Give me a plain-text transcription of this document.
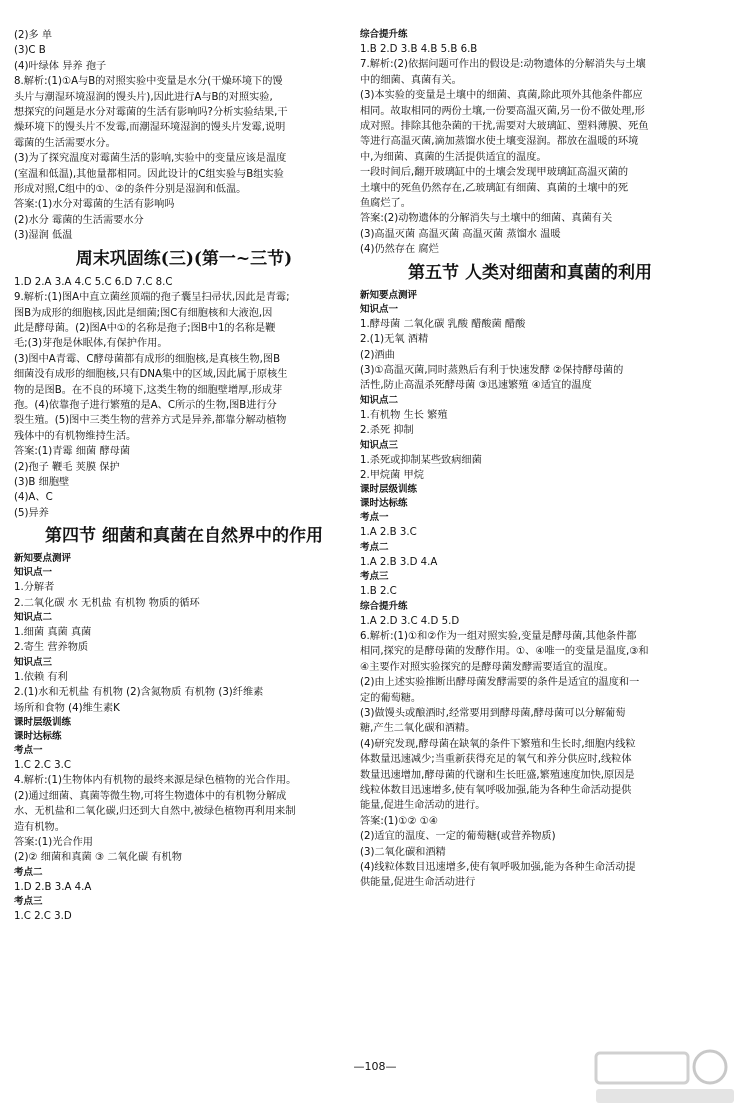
(2)多 单
(3)C B
(4)叶绿体 异养 孢子
8.解析:(1)①A与B的对照实验中变量是水分(干燥环境下的馒
头片与潮湿环境湿润的馒头片),因此进行A与B的对照实验,
想探究的问题是水分对霉菌的生活有影响吗?分析实验结果,干
燥环境下的馒头片不发霉,而潮湿环境湿润的馒头片发霉,说明
霉菌的生活需要水分。
(3)为了探究温度对霉菌生活的影响,实验中的变量应该是温度
(室温和低温),其他量都相同。因此设计的C组实验与B组实验
形成对照,C组中的①、②的条件分别是湿润和低温。
答案:(1)水分对霉菌的生活有影响吗
(2)水分 霉菌的生活需要水分
(3)湿润 低温
周末巩固练(三)(第一~三节)
1.D 2.A 3.A 4.C 5.C 6.D 7.C 8.C
9.解析:(1)图A中直立菌丝顶端的孢子囊呈扫帚状,因此是青霉;
图B为成形的细胞核,因此是细菌;图C有细胞核和大液泡,因
此是酵母菌。(2)图A中①的名称是孢子;图B中1的名称是鞭
毛;(3)芽孢是休眠体,有保护作用。
(3)图中A青霉、C酵母菌都有成形的细胞核,是真核生物,图B
细菌没有成形的细胞核,只有DNA集中的区域,因此属于原核生
物的是图B。在不良的环境下,这类生物的细胞壁增厚,形成芽
孢。(4)依靠孢子进行繁殖的是A、C所示的生物,图B进行分
裂生殖。(5)图中三类生物的营养方式是异养,都靠分解动植物
残体中的有机物维持生活。
答案:(1)青霉 细菌 酵母菌
(2)孢子 鞭毛 荚膜 保护
(3)B 细胞壁
(4)A、C
(5)异养
第四节 细菌和真菌在自然界中的作用
新知要点测评
知识点一
1.分解者
2.二氧化碳 水 无机盐 有机物 物质的循环
知识点二
1.细菌 真菌 真菌
2.寄生 营养物质
知识点三
1.依赖 有利
2.(1)水和无机盐 有机物 (2)含氮物质 有机物 (3)纤维素
场所和食物 (4)维生素K
课时层级训练
课时达标练
考点一
1.C 2.C 3.C
4.解析:(1)生物体内有机物的最终来源是绿色植物的光合作用。
(2)通过细菌、真菌等微生物,可将生物遗体中的有机物分解成
水、无机盐和二氧化碳,归还到大自然中,被绿色植物再利用来制
造有机物。
答案:(1)光合作用
(2)② 细菌和真菌 ③ 二氧化碳 有机物
考点二
1.D 2.B 3.A 4.A
考点三
1.C 2.C 3.D
综合提升练
1.B 2.D 3.B 4.B 5.B 6.B
7.解析:(2)依据问题可作出的假设是:动物遗体的分解消失与土壤
中的细菌、真菌有关。
(3)本实验的变量是土壤中的细菌、真菌,除此项外其他条件都应
相同。故取相同的两份土壤,一份要高温灭菌,另一份不做处理,形
成对照。排除其他杂菌的干扰,需要对大玻璃缸、塑料薄膜、死鱼
等进行高温灭菌,滴加蒸馏水使土壤变湿润。都放在温暖的环境
中,为细菌、真菌的生活提供适宜的温度。
一段时间后,翻开玻璃缸中的土壤会发现甲玻璃缸高温灭菌的
土壤中的死鱼仍然存在,乙玻璃缸有细菌、真菌的土壤中的死
鱼腐烂了。
答案:(2)动物遗体的分解消失与土壤中的细菌、真菌有关
(3)高温灭菌 高温灭菌 高温灭菌 蒸馏水 温暖
(4)仍然存在 腐烂
第五节 人类对细菌和真菌的利用
新知要点测评
知识点一
1.酵母菌 二氧化碳 乳酸 醋酸菌 醋酸
2.(1)无氧 酒精
(2)酒曲
(3)①高温灭菌,同时蒸熟后有利于快速发酵 ②保持酵母菌的
活性,防止高温杀死酵母菌 ③迅速繁殖 ④适宜的温度
知识点二
1.有机物 生长 繁殖
2.杀死 抑制
知识点三
1.杀死或抑制某些致病细菌
2.甲烷菌 甲烷
课时层级训练
课时达标练
考点一
1.A 2.B 3.C
考点二
1.A 2.B 3.D 4.A
考点三
1.B 2.C
综合提升练
1.A 2.D 3.C 4.D 5.D
6.解析:(1)①和②作为一组对照实验,变量是酵母菌,其他条件都
相同,探究的是酵母菌的发酵作用。①、④唯一的变量是温度,③和
④主要作对照实验探究的是酵母菌发酵需要适宜的温度。
(2)由上述实验推断出酵母菌发酵需要的条件是适宜的温度和一
定的葡萄糖。
(3)做馒头或酿酒时,经常要用到酵母菌,酵母菌可以分解葡萄
糖,产生二氧化碳和酒精。
(4)研究发现,酵母菌在缺氧的条件下繁殖和生长时,细胞内线粒
体数量迅速减少;当重新获得充足的氧气和养分供应时,线粒体
数量迅速增加,酵母菌的代谢和生长旺盛,繁殖速度加快,原因是
线粒体数目迅速增多,使有氧呼吸加强,能为各种生命活动提供
能量,促进生命活动的进行。
答案:(1)①② ①④
(2)适宜的温度、一定的葡萄糖(或营养物质)
(3)二氧化碳和酒精
(4)线粒体数目迅速增多,使有氧呼吸加强,能为各种生命活动提
供能量,促进生命活动进行
—108—
